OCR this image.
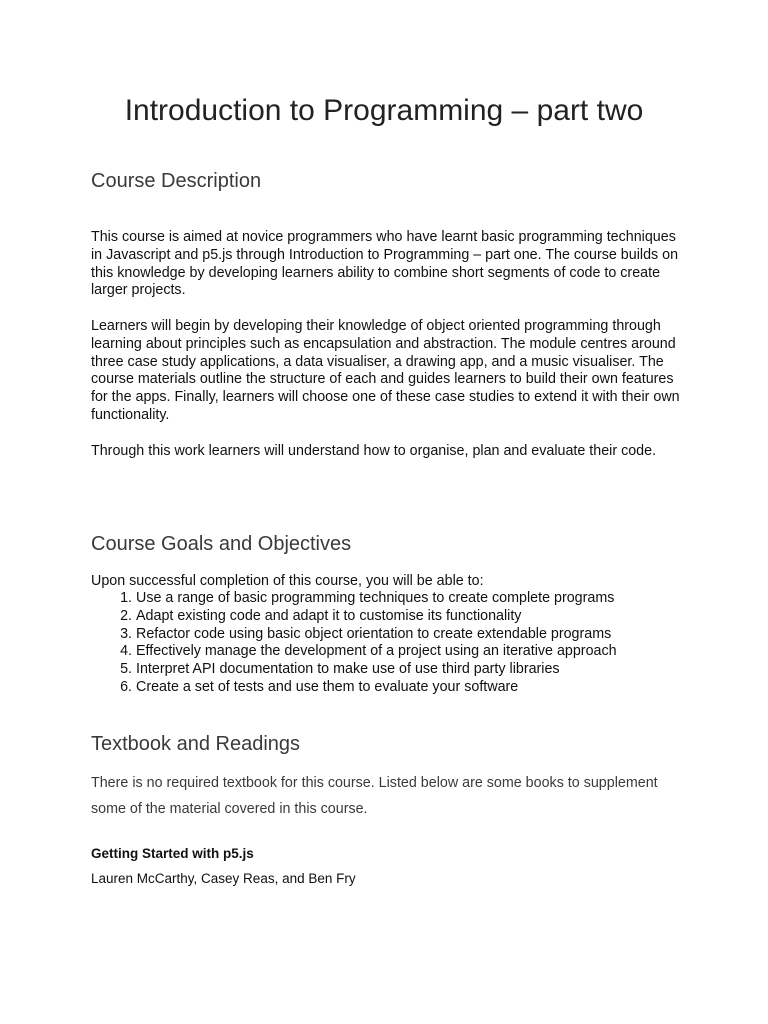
Introduction to Programming – part two
Course Description

This course is aimed at novice programmers who have learnt basic programming techniques in Javascript and p5.js through Introduction to Programming – part one. The course builds on this knowledge by developing learners ability to combine short segments of code to create larger projects.

Learners will begin by developing their knowledge of object oriented programming through learning about principles such as encapsulation and abstraction. The module centres around three case study applications, a data visualiser, a drawing app, and a music visualiser. The course materials outline the structure of each and guides learners to build their own features for the apps. Finally, learners will choose one of these case studies to extend it with their own functionality.

Through this work learners will understand how to organise, plan and evaluate their code.

Course Goals and Objectives

Upon successful completion of this course, you will be able to:

1. Use a range of basic programming techniques to create complete programs
2. Adapt existing code and adapt it to customise its functionality
3. Refactor code using basic object orientation to create extendable programs
4. Effectively manage the development of a project using an iterative approach
5. Interpret API documentation to make use of use third party libraries
6. Create a set of tests and use them to evaluate your software
Textbook and Readings

There is no required textbook for this course. Listed below are some books to supplement some of the material covered in this course.

Getting Started with p5.js

Lauren McCarthy, Casey Reas, and Ben Fry
